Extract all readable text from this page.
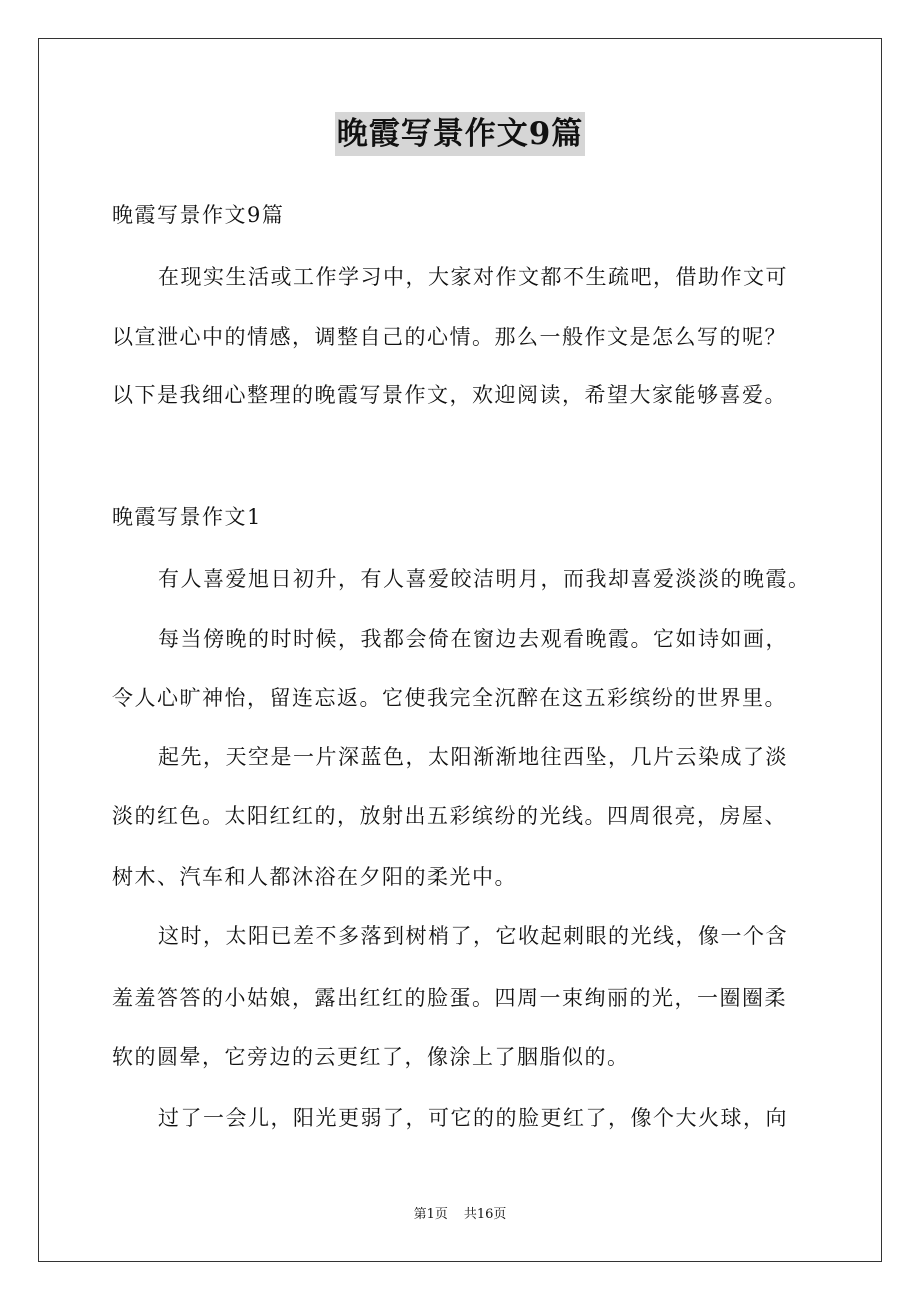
晚霞写景作文9篇
晚霞写景作文9篇
在现实生活或工作学习中，大家对作文都不生疏吧，借助作文可
以宣泄心中的情感，调整自己的心情。那么一般作文是怎么写的呢？
以下是我细心整理的晚霞写景作文，欢迎阅读，希望大家能够喜爱。
晚霞写景作文1
有人喜爱旭日初升，有人喜爱皎洁明月，而我却喜爱淡淡的晚霞。
每当傍晚的时时候，我都会倚在窗边去观看晚霞。它如诗如画，
令人心旷神怡，留连忘返。它使我完全沉醉在这五彩缤纷的世界里。
起先，天空是一片深蓝色，太阳渐渐地往西坠，几片云染成了淡
淡的红色。太阳红红的，放射出五彩缤纷的光线。四周很亮，房屋、
树木、汽车和人都沐浴在夕阳的柔光中。
这时，太阳已差不多落到树梢了，它收起刺眼的光线，像一个含
羞羞答答的小姑娘，露出红红的脸蛋。四周一束绚丽的光，一圈圈柔
软的圆晕，它旁边的云更红了，像涂上了胭脂似的。
过了一会儿，阳光更弱了，可它的的脸更红了，像个大火球，向
第1页 共16页
